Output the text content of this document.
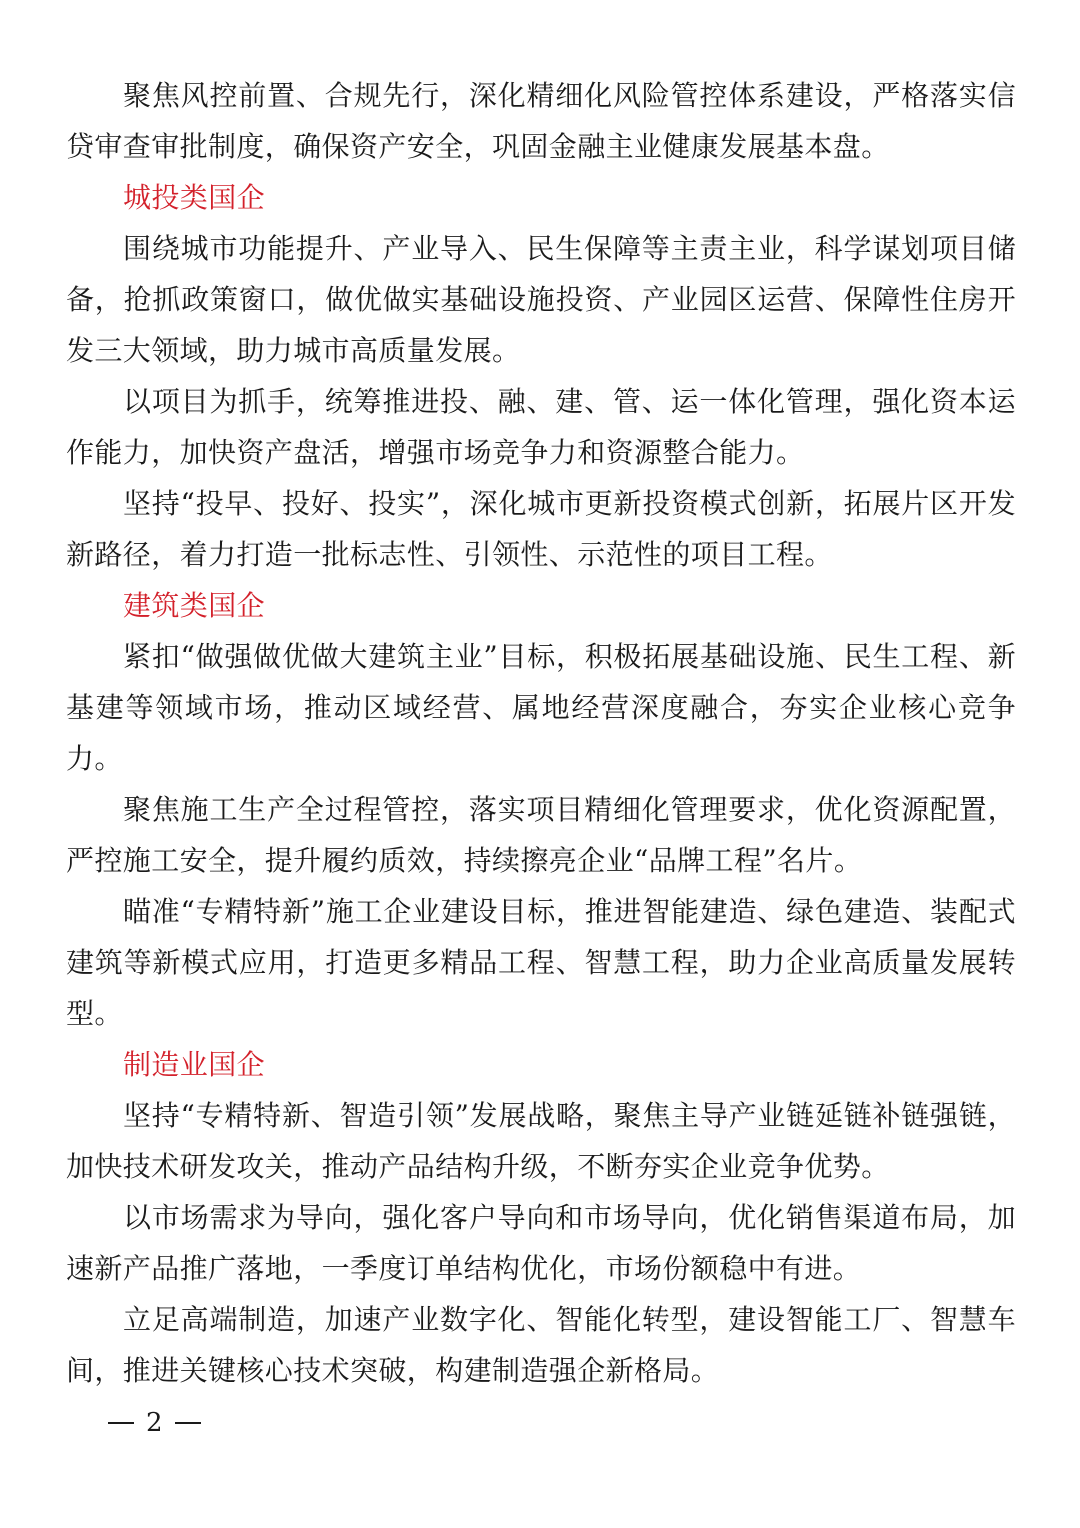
聚焦风控前置、合规先行，深化精细化风险管控体系建设，严格落实信贷审查审批制度，确保资产安全，巩固金融主业健康发展基本盘。

城投类国企

围绕城市功能提升、产业导入、民生保障等主责主业，科学谋划项目储备，抢抓政策窗口，做优做实基础设施投资、产业园区运营、保障性住房开发三大领域，助力城市高质量发展。

以项目为抓手，统筹推进投、融、建、管、运一体化管理，强化资本运作能力，加快资产盘活，增强市场竞争力和资源整合能力。

坚持“投早、投好、投实”，深化城市更新投资模式创新，拓展片区开发新路径，着力打造一批标志性、引领性、示范性的项目工程。

建筑类国企

紧扣“做强做优做大建筑主业”目标，积极拓展基础设施、民生工程、新基建等领域市场，推动区域经营、属地经营深度融合，夯实企业核心竞争力。

聚焦施工生产全过程管控，落实项目精细化管理要求，优化资源配置，严控施工安全，提升履约质效，持续擦亮企业“品牌工程”名片。

瞄准“专精特新”施工企业建设目标，推进智能建造、绿色建造、装配式建筑等新模式应用，打造更多精品工程、智慧工程，助力企业高质量发展转型。

制造业国企

坚持“专精特新、智造引领”发展战略，聚焦主导产业链延链补链强链，加快技术研发攻关，推动产品结构升级，不断夯实企业竞争优势。

以市场需求为导向，强化客户导向和市场导向，优化销售渠道布局，加速新产品推广落地，一季度订单结构优化，市场份额稳中有进。

立足高端制造，加速产业数字化、智能化转型，建设智能工厂、智慧车间，推进关键核心技术突破，构建制造强企新格局。

2
